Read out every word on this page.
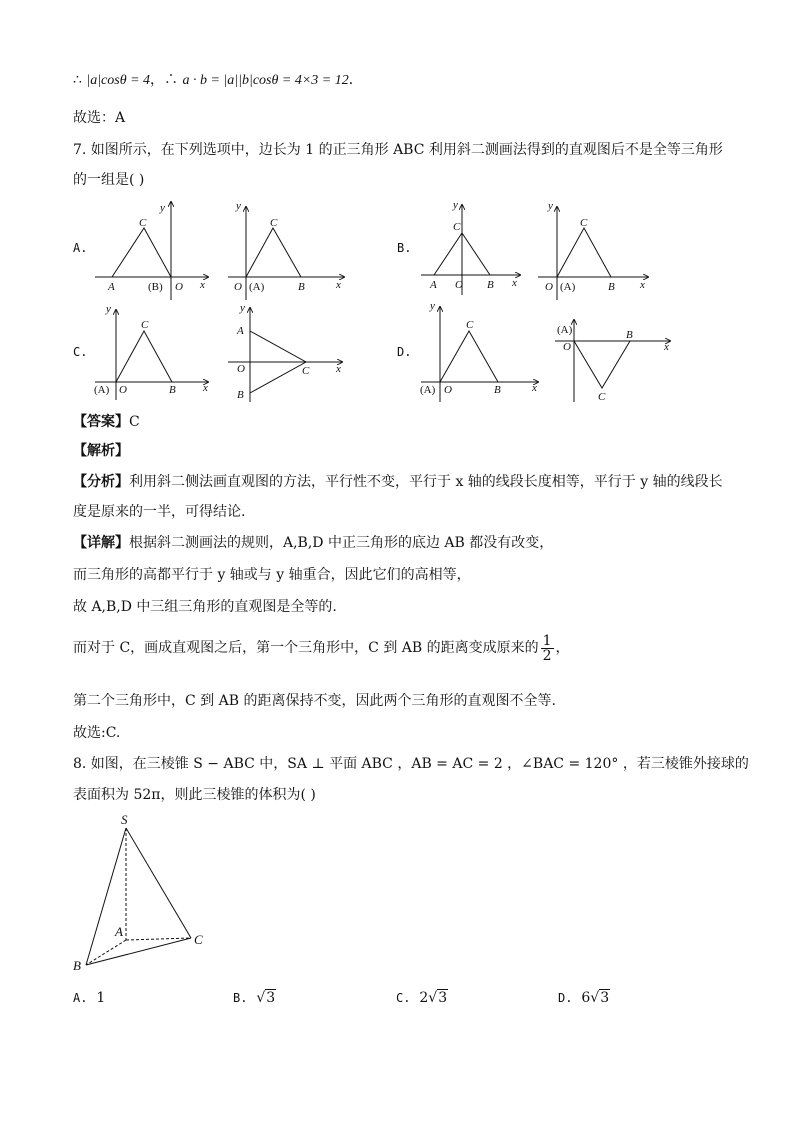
∴ |a|cosθ = 4，∴ a · b = |a||b|cosθ = 4×3 = 12．
故选：A
7. 如图所示，在下列选项中，边长为 1 的正三角形 ABC 利用斜二测画法得到的直观图后不是全等三角形
的一组是( )
A.	B.
C.	D.
C
y
A	(B) O x
C
y
O (A)	B	x
C
y
A O B x
C
y
O (A)	B x
C
y
(A) O	B x
y
A
O	C
B
x
C
y
(A) O	B	x
(A)
O
B
C
x
S
A
C
B
【答案】C
【解析】
【分析】利用斜二侧法画直观图的方法，平行性不变，平行于 x 轴的线段长度相等，平行于 y 轴的线段长
度是原来的一半，可得结论.
【详解】根据斜二测画法的规则，A,B,D 中正三角形的底边 AB 都没有改变，
而三角形的高都平行于 y 轴或与 y 轴重合，因此它们的高相等，
故 A,B,D 中三组三角形的直观图是全等的.
而对于 C，画成直观图之后，第一个三角形中，C 到 AB 的距离变成原来的 $\frac{1}{2}$ ，
第二个三角形中，C 到 AB 的距离保持不变，因此两个三角形的直观图不全等.
故选:C.
8. 如图，在三棱锥 S − ABC 中，SA ⊥ 平面 ABC ，AB = AC = 2 ，∠BAC = 120° ，若三棱锥外接球的
表面积为 52π，则此三棱锥的体积为( )
A. 1	B. √3	C. 2√3	D. 6√3
